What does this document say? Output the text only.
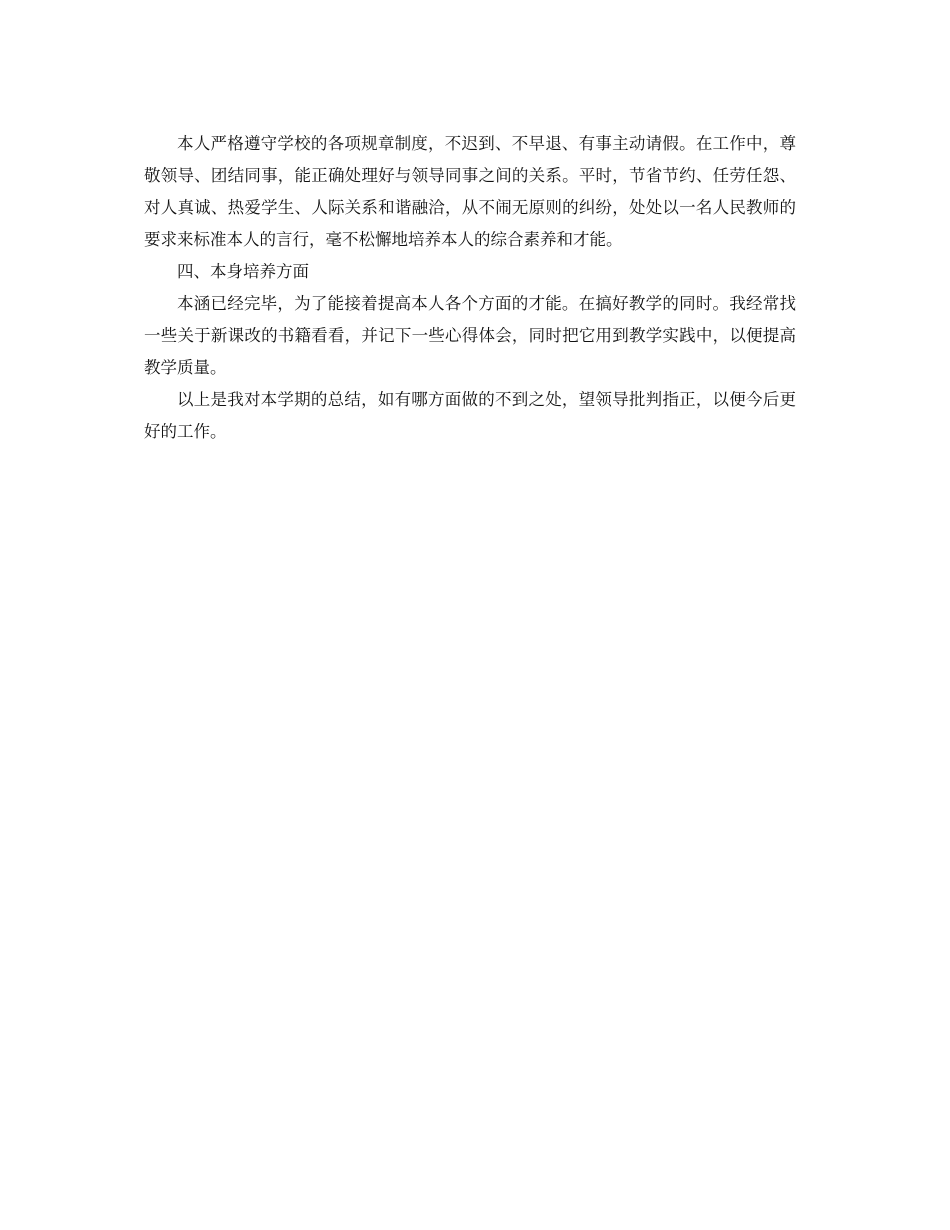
本人严格遵守学校的各项规章制度，不迟到、不早退、有事主动请假。在工作中，尊敬领导、团结同事，能正确处理好与领导同事之间的关系。平时，节省节约、任劳任怨、对人真诚、热爱学生、人际关系和谐融洽，从不闹无原则的纠纷，处处以一名人民教师的要求来标准本人的言行，毫不松懈地培养本人的综合素养和才能。

四、本身培养方面

本涵已经完毕，为了能接着提高本人各个方面的才能。在搞好教学的同时。我经常找一些关于新课改的书籍看看，并记下一些心得体会，同时把它用到教学实践中，以便提高教学质量。

以上是我对本学期的总结，如有哪方面做的不到之处，望领导批判指正，以便今后更好的工作。
